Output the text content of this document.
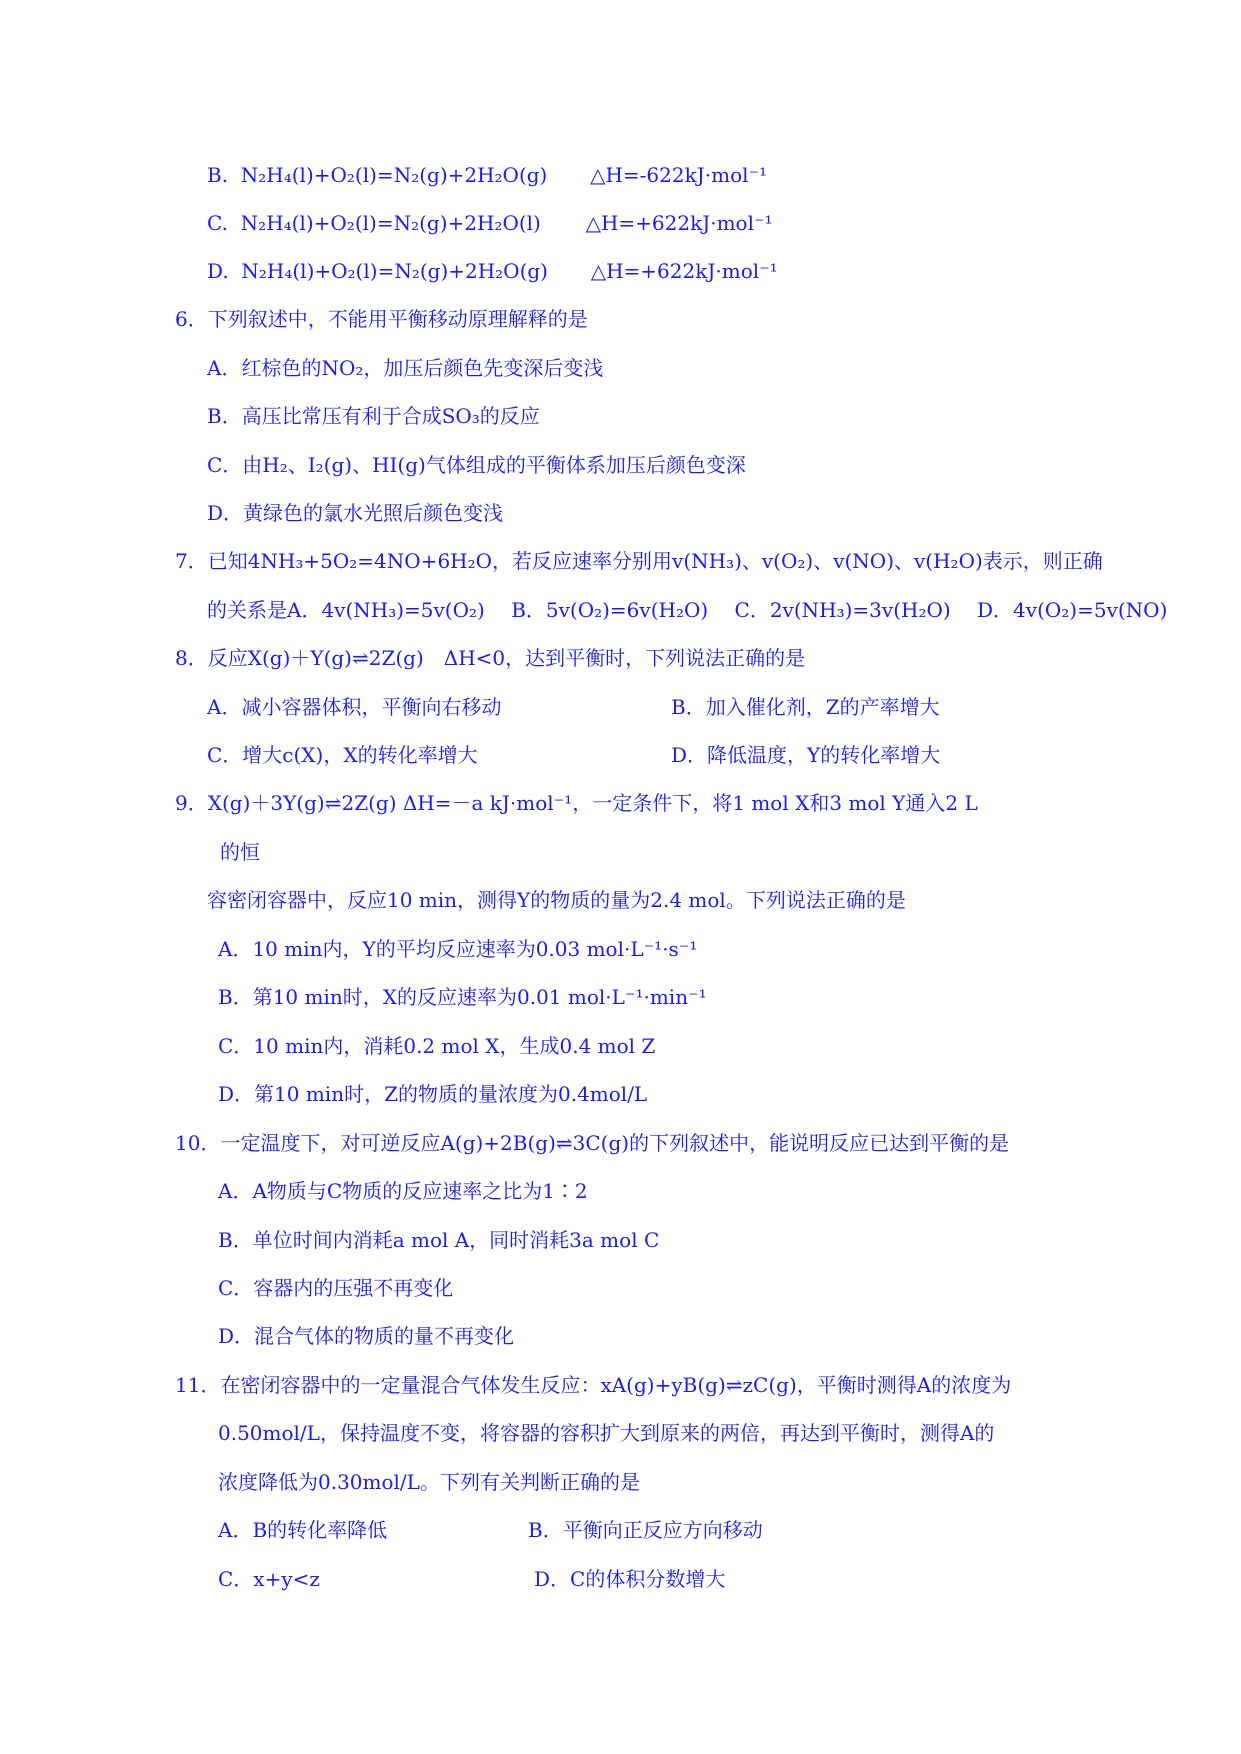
B. N₂H₄(l)+O₂(l)=N₂(g)+2H₂O(g) △H=-622kJ·mol⁻¹
C. N₂H₄(l)+O₂(l)=N₂(g)+2H₂O(l) △H=+622kJ·mol⁻¹
D. N₂H₄(l)+O₂(l)=N₂(g)+2H₂O(g) △H=+622kJ·mol⁻¹
6．下列叙述中，不能用平衡移动原理解释的是
A．红棕色的NO₂，加压后颜色先变深后变浅
B．高压比常压有利于合成SO₃的反应
C．由H₂、I₂(g)、HI(g)气体组成的平衡体系加压后颜色变深
D．黄绿色的氯水光照后颜色变浅
7．已知4NH₃+5O₂=4NO+6H₂O，若反应速率分别用v(NH₃)、v(O₂)、v(NO)、v(H₂O)表示，则正确
的关系是A．4v(NH₃)=5v(O₂)　 B．5v(O₂)=6v(H₂O)　 C．2v(NH₃)=3v(H₂O)　 D．4v(O₂)=5v(NO)
8．反应X(g)＋Y(g)⇌2Z(g)　ΔH<0，达到平衡时，下列说法正确的是
A．减小容器体积，平衡向右移动	B．加入催化剂，Z的产率增大
C．增大c(X)，X的转化率增大	D．降低温度，Y的转化率增大
9．X(g)＋3Y(g)⇌2Z(g) ΔH=－a kJ·mol⁻¹，一定条件下，将1 mol X和3 mol Y通入2 L
的恒
容密闭容器中，反应10 min，测得Y的物质的量为2.4 mol。下列说法正确的是
A．10 min内，Y的平均反应速率为0.03 mol·L⁻¹·s⁻¹
B．第10 min时，X的反应速率为0.01 mol·L⁻¹·min⁻¹
C．10 min内，消耗0.2 mol X，生成0.4 mol Z
D．第10 min时，Z的物质的量浓度为0.4mol/L
10．一定温度下，对可逆反应A(g)+2B(g)⇌3C(g)的下列叙述中，能说明反应已达到平衡的是
A．A物质与C物质的反应速率之比为1∶2
B．单位时间内消耗a mol A，同时消耗3a mol C
C．容器内的压强不再变化
D．混合气体的物质的量不再变化
11．在密闭容器中的一定量混合气体发生反应：xA(g)+yB(g)⇌zC(g)，平衡时测得A的浓度为
0.50mol/L，保持温度不变，将容器的容积扩大到原来的两倍，再达到平衡时，测得A的
浓度降低为0.30mol/L。下列有关判断正确的是
A．B的转化率降低	B．平衡向正反应方向移动
C．x+y<z	D．C的体积分数增大
